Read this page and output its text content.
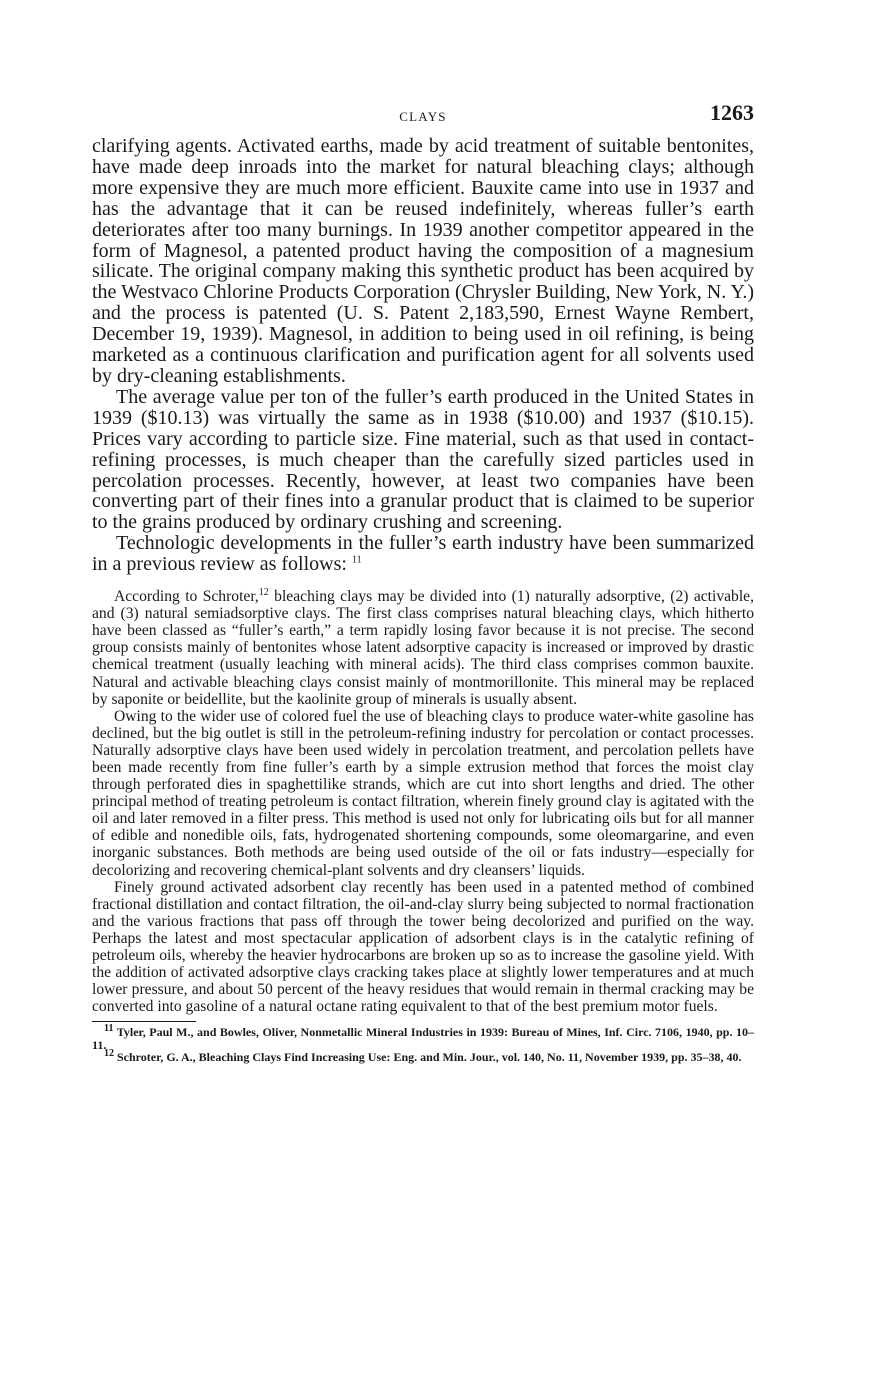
CLAYS	1263

clarifying agents. Activated earths, made by acid treatment of suitable bentonites, have made deep inroads into the market for natural bleaching clays; although more expensive they are much more efficient. Bauxite came into use in 1937 and has the advantage that it can be reused indefinitely, whereas fuller’s earth deteriorates after too many burnings. In 1939 another competitor appeared in the form of Magnesol, a patented product having the composition of a magnesium silicate. The original company making this synthetic product has been acquired by the Westvaco Chlorine Products Corporation (Chrysler Building, New York, N. Y.) and the process is patented (U. S. Patent 2,183,590, Ernest Wayne Rembert, December 19, 1939). Magnesol, in addition to being used in oil refining, is being marketed as a continuous clarification and purification agent for all solvents used by dry-cleaning establishments.

The average value per ton of the fuller’s earth produced in the United States in 1939 ($10.13) was virtually the same as in 1938 ($10.00) and 1937 ($10.15). Prices vary according to particle size. Fine material, such as that used in contact-refining processes, is much cheaper than the carefully sized particles used in percolation processes. Recently, however, at least two companies have been converting part of their fines into a granular product that is claimed to be superior to the grains produced by ordinary crushing and screening.

Technologic developments in the fuller’s earth industry have been summarized in a previous review as follows: $^{11}$

According to Schroter,$^{12}$ bleaching clays may be divided into (1) naturally adsorptive, (2) activable, and (3) natural semiadsorptive clays. The first class comprises natural bleaching clays, which hitherto have been classed as “fuller’s earth,” a term rapidly losing favor because it is not precise. The second group consists mainly of bentonites whose latent adsorptive capacity is increased or improved by drastic chemical treatment (usually leaching with mineral acids). The third class comprises common bauxite. Natural and activable bleaching clays consist mainly of montmorillonite. This mineral may be replaced by saponite or beidellite, but the kaolinite group of minerals is usually absent.

Owing to the wider use of colored fuel the use of bleaching clays to produce water-white gasoline has declined, but the big outlet is still in the petroleum-refining industry for percolation or contact processes. Naturally adsorptive clays have been used widely in percolation treatment, and percolation pellets have been made recently from fine fuller’s earth by a simple extrusion method that forces the moist clay through perforated dies in spaghettilike strands, which are cut into short lengths and dried. The other principal method of treating petroleum is contact filtration, wherein finely ground clay is agitated with the oil and later removed in a filter press. This method is used not only for lubricating oils but for all manner of edible and nonedible oils, fats, hydrogenated shortening compounds, some oleomargarine, and even inorganic substances. Both methods are being used outside of the oil or fats industry—especially for decolorizing and recovering chemical-plant solvents and dry cleansers’ liquids.

Finely ground activated adsorbent clay recently has been used in a patented method of combined fractional distillation and contact filtration, the oil-and-clay slurry being subjected to normal fractionation and the various fractions that pass off through the tower being decolorized and purified on the way. Perhaps the latest and most spectacular application of adsorbent clays is in the catalytic refining of petroleum oils, whereby the heavier hydrocarbons are broken up so as to increase the gasoline yield. With the addition of activated adsorptive clays cracking takes place at slightly lower temperatures and at much lower pressure, and about 50 percent of the heavy residues that would remain in thermal cracking may be converted into gasoline of a natural octane rating equivalent to that of the best premium motor fuels.

$^{11}$ Tyler, Paul M., and Bowles, Oliver, Nonmetallic Mineral Industries in 1939: Bureau of Mines, Inf. Circ. 7106, 1940, pp. 10–11.

$^{12}$ Schroter, G. A., Bleaching Clays Find Increasing Use: Eng. and Min. Jour., vol. 140, No. 11, November 1939, pp. 35–38, 40.
